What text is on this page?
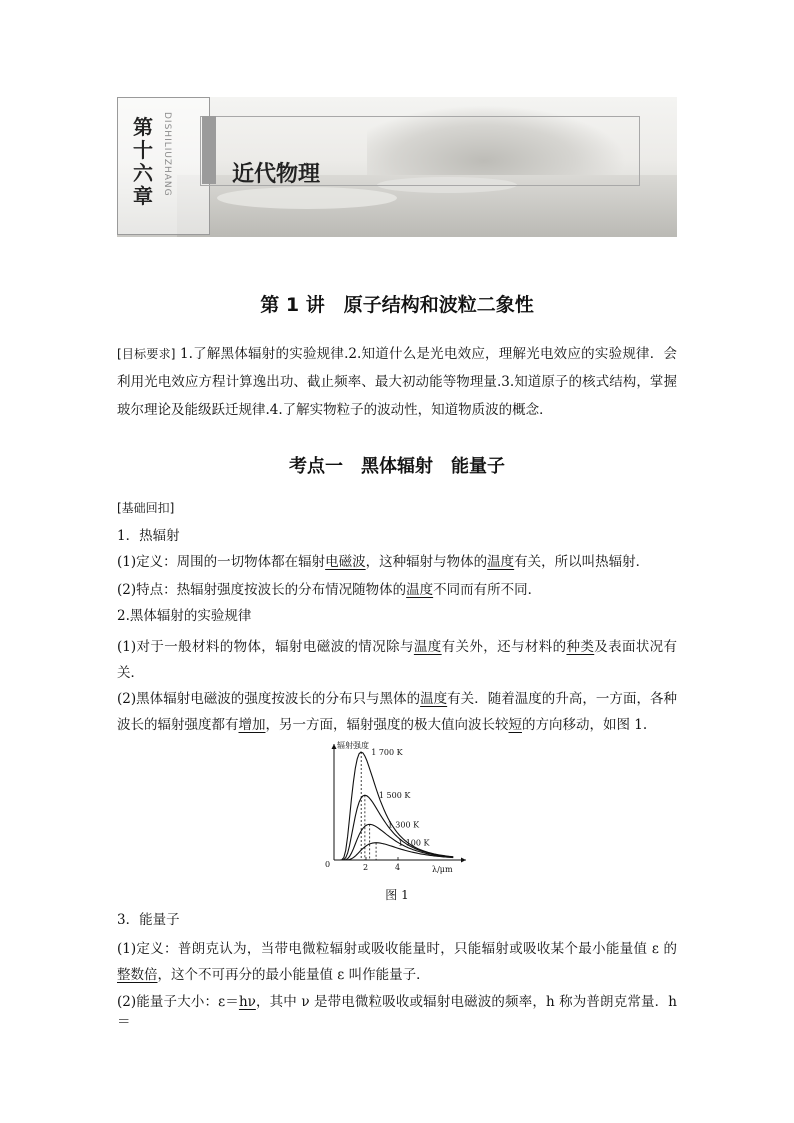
第
十
六
章	DISHILIUZHANG	近代物理
第 1 讲　原子结构和波粒二象性
[目标要求] 1.了解黑体辐射的实验规律.2.知道什么是光电效应，理解光电效应的实验规律．会利用光电效应方程计算逸出功、截止频率、最大初动能等物理量.3.知道原子的核式结构，掌握玻尔理论及能级跃迁规律.4.了解实物粒子的波动性，知道物质波的概念．
考点一　黑体辐射　能量子
[基础回扣]
1．热辐射
(1)定义：周围的一切物体都在辐射电磁波，这种辐射与物体的温度有关，所以叫热辐射．
(2)特点：热辐射强度按波长的分布情况随物体的温度不同而有所不同．
2.黑体辐射的实验规律
(1)对于一般材料的物体，辐射电磁波的情况除与温度有关外，还与材料的种类及表面状况有关．
(2)黑体辐射电磁波的强度按波长的分布只与黑体的温度有关．随着温度的升高，一方面，各种波长的辐射强度都有增加，另一方面，辐射强度的极大值向波长较短的方向移动，如图 1.
辐射强度
λ/μm
0	2	4
1 700 K
1 500 K
1 300 K
1 100 K
图 1
3．能量子
(1)定义：普朗克认为，当带电微粒辐射或吸收能量时，只能辐射或吸收某个最小能量值 ε 的整数倍，这个不可再分的最小能量值 ε 叫作能量子．
(2)能量子大小：ε＝hν，其中 ν 是带电微粒吸收或辐射电磁波的频率，h 称为普朗克常量．h＝
